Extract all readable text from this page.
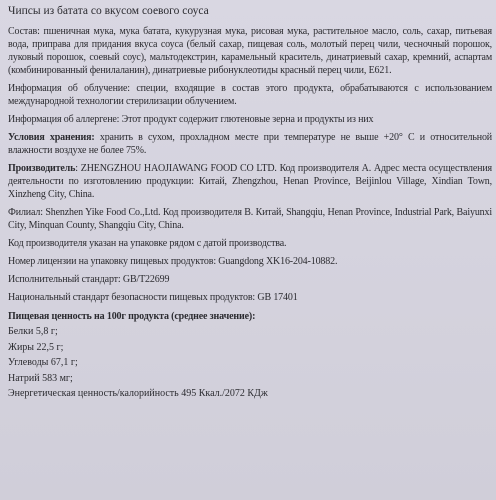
Чипсы из батата со вкусом соевого соуса
Состав: пшеничная мука, мука батата, кукурузная мука, рисовая мука, растительное масло, соль, сахар, питьевая вода, приправа для придания вкуса соуса (белый сахар, пищевая соль, молотый перец чили, чесночный порошок, луковый порошок, соевый соус), мальтодекстрин, карамельный краситель, динатриевый сахар, кремний, аспартам (комбинированный фенилаланин), динатриевые рибонуклеотиды красный перец чили, Е621.
Информация об облучение: специи, входящие в состав этого продукта, обрабатываются с использованием международной технологии стерилизации облучением.
Информация об аллергене: Этот продукт содержит глютеновые зерна и продукты из них
Условия хранения: хранить в сухом, прохладном месте при температуре не выше +20° С и относительной влажности воздухе не более 75%.
Производитель: ZHENGZHOU HAOJIAWANG FOOD CO LTD. Код производителя А. Адрес места осуществления деятельности по изготовлению продукции: Китай, Zhengzhou, Henan Province, Beijinlou Village, Xindian Town, Xinzheng City, China.
Филиал: Shenzhen Yike Food Co.,Ltd. Код производителя В. Китай, Shangqiu, Henan Province, Industrial Park, Baiyunxi City, Minquan County, Shangqiu City, China.
Код производителя указан на упаковке рядом с датой производства.
Номер лицензии на упаковку пищевых продуктов: Guangdong XK16-204-10882.
Исполнительный стандарт: GB/T22699
Национальный стандарт безопасности пищевых продуктов: GB 17401
Пищевая ценность на 100г продукта (среднее значение):
Белки 5,8 г;
Жиры 22,5 г;
Углеводы 67,1 г;
Натрий 583 мг;
Энергетическая ценность/калорийность 495 Ккал./2072 КДж
